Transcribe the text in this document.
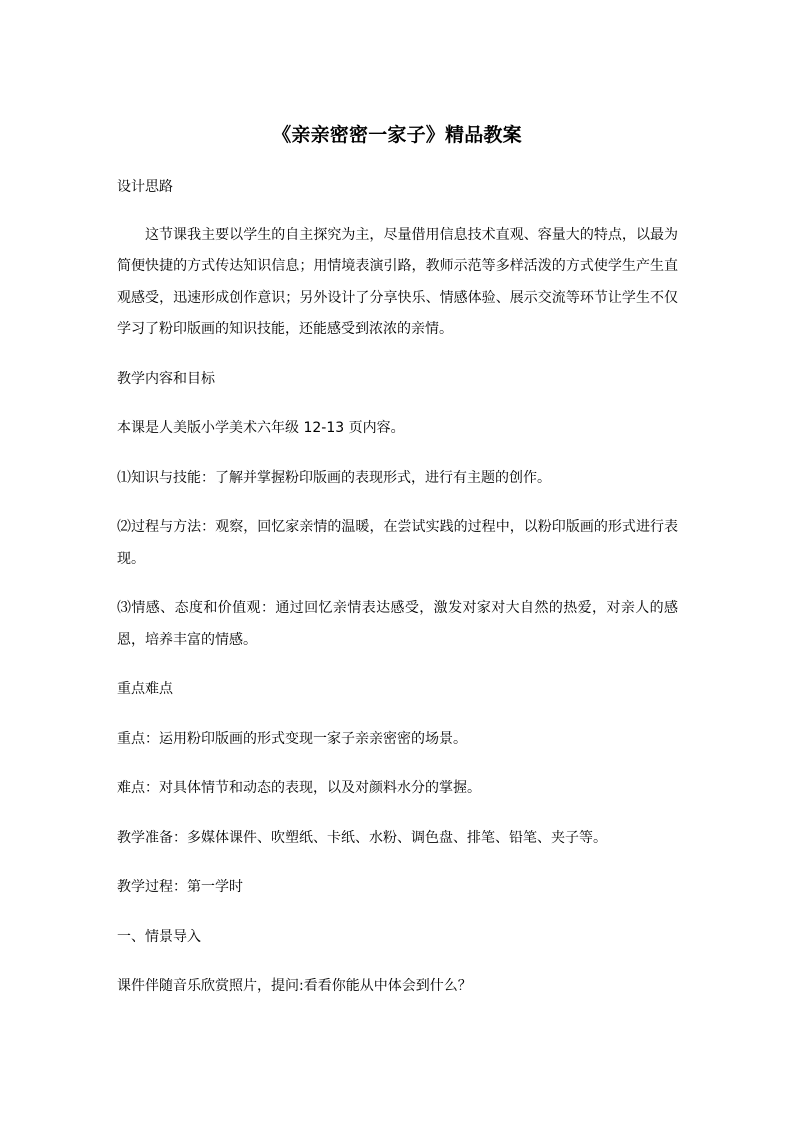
《亲亲密密一家子》精品教案
设计思路
这节课我主要以学生的自主探究为主，尽量借用信息技术直观、容量大的特点，以最为简便快捷的方式传达知识信息；用情境表演引路，教师示范等多样活泼的方式使学生产生直观感受，迅速形成创作意识；另外设计了分享快乐、情感体验、展示交流等环节让学生不仅学习了粉印版画的知识技能，还能感受到浓浓的亲情。
教学内容和目标
本课是人美版小学美术六年级 12-13 页内容。
⑴知识与技能：了解并掌握粉印版画的表现形式，进行有主题的创作。
⑵过程与方法：观察，回忆家亲情的温暖，在尝试实践的过程中，以粉印版画的形式进行表现。
⑶情感、态度和价值观：通过回忆亲情表达感受，激发对家对大自然的热爱，对亲人的感恩，培养丰富的情感。
重点难点
重点：运用粉印版画的形式变现一家子亲亲密密的场景。
难点：对具体情节和动态的表现，以及对颜料水分的掌握。
教学准备：多媒体课件、吹塑纸、卡纸、水粉、调色盘、排笔、铅笔、夹子等。
教学过程：第一学时
一、情景导入
课件伴随音乐欣赏照片，提问:看看你能从中体会到什么？
